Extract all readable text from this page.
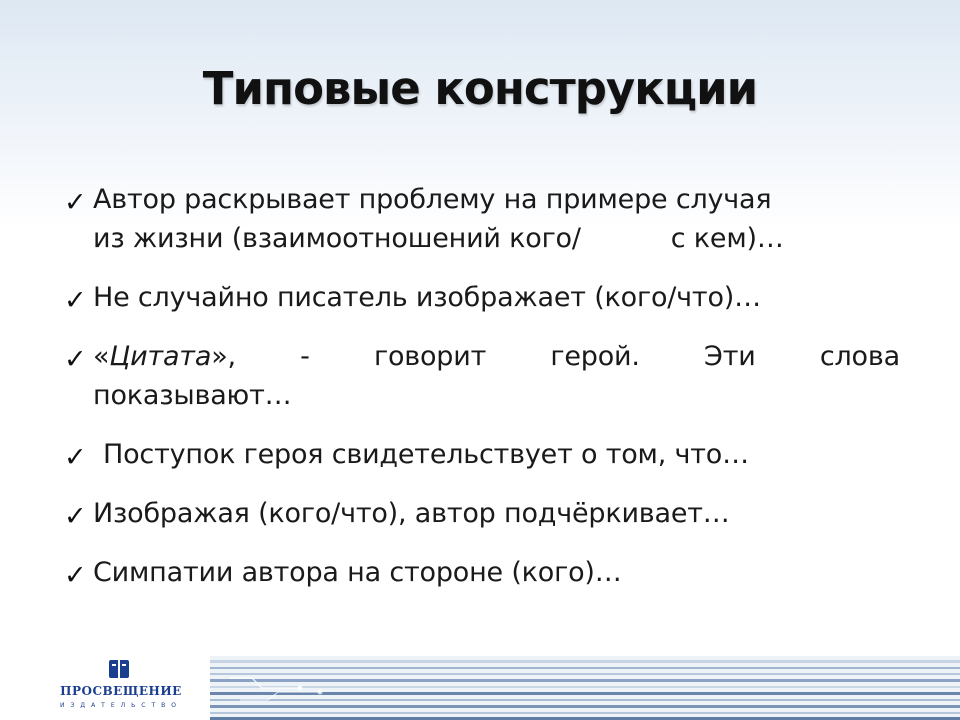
Типовые конструкции
✓ Автор раскрывает проблему на примере случая
из жизни (взаимоотношений кого/	с кем)…
✓ Не случайно писатель изображает (кого/что)…
✓ «Цитата», - говорит герой. Эти слова
показывают…
✓ Поступок героя свидетельствует о том, что…
✓ Изображая (кого/что), автор подчёркивает…
✓ Симпатии автора на стороне (кого)…
ПРОСВЕЩЕНИЕ
ИЗДАТЕЛЬСТВО
